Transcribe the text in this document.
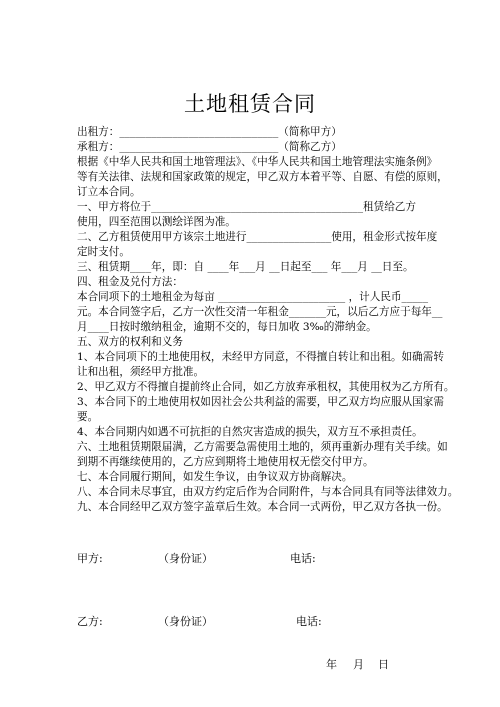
土地租赁合同
出租方：______________________________（简称甲方）
承租方：______________________________（简称乙方）
根据《中华人民共和国土地管理法》、《中华人民共和国土地管理法实施条例》
等有关法律、法规和国家政策的规定，甲乙双方本着平等、自愿、有偿的原则，
订立本合同。
一、甲方将位于________________________________________租赁给乙方
使用，四至范围以测绘详图为准。
二、乙方租赁使用甲方该宗土地进行________________使用，租金形式按年度
定时支付。
三、租赁期____年，即：自 ____年___月 __日起至___ 年___月 __日至。
四、租金及兑付方法：
本合同项下的土地租金为每亩 ________________________ ，计人民币_____
元。本合同签字后，乙方一次性交清一年租金_______元，以后乙方应于每年__
月____日按时缴纳租金，逾期不交的，每日加收 3‰的滞纳金。
五、双方的权利和义务
1、本合同项下的土地使用权，未经甲方同意，不得擅自转让和出租。如确需转
让和出租，须经甲方批准。
2、甲乙双方不得擅自提前终止合同，如乙方放弃承租权，其使用权为乙方所有。
3、本合同下的土地使用权如因社会公共利益的需要，甲乙双方均应服从国家需
要。
4、本合同期内如遇不可抗拒的自然灾害造成的损失，双方互不承担责任。
六、土地租赁期限届满，乙方需要急需使用土地的，须再重新办理有关手续。如
到期不再继续使用的，乙方应到期将土地使用权无偿交付甲方。
七、本合同履行期间，如发生争议，由争议双方协商解决。
八、本合同未尽事宜，由双方约定后作为合同附件，与本合同具有同等法律效力。
九、本合同经甲乙双方签字盖章后生效。本合同一式两份，甲乙双方各执一份。
甲方:	（身份证）	电话:
乙方:	（身份证）	电话:
年 月 日
